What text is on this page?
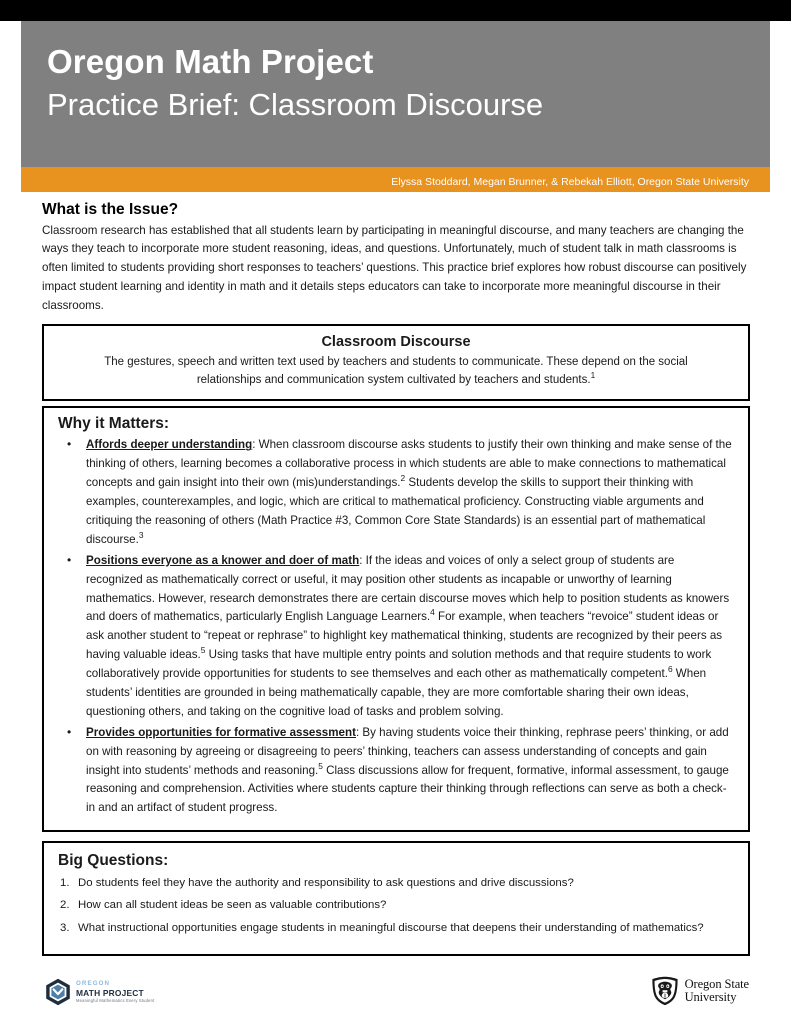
Oregon Math Project
Practice Brief: Classroom Discourse
Elyssa Stoddard, Megan Brunner, & Rebekah Elliott, Oregon State University
What is the Issue?

Classroom research has established that all students learn by participating in meaningful discourse, and many teachers are changing the ways they teach to incorporate more student reasoning, ideas, and questions. Unfortunately, much of student talk in math classrooms is often limited to students providing short responses to teachers’ questions. This practice brief explores how robust discourse can positively impact student learning and identity in math and it details steps educators can take to incorporate more meaningful discourse in their classrooms.

Classroom Discourse
The gestures, speech and written text used by teachers and students to communicate. These depend on the social relationships and communication system cultivated by teachers and students.$^1$
Why it Matters:
• Affords deeper understanding: When classroom discourse asks students to justify their own thinking and make sense of the thinking of others, learning becomes a collaborative process in which students are able to make connections to mathematical concepts and gain insight into their own (mis)understandings.$^2$ Students develop the skills to support their thinking with examples, counterexamples, and logic, which are critical to mathematical proficiency. Constructing viable arguments and critiquing the reasoning of others (Math Practice #3, Common Core State Standards) is an essential part of mathematical discourse.$^3$
• Positions everyone as a knower and doer of math: If the ideas and voices of only a select group of students are recognized as mathematically correct or useful, it may position other students as incapable or unworthy of learning mathematics. However, research demonstrates there are certain discourse moves which help to position students as knowers and doers of mathematics, particularly English Language Learners.$^4$ For example, when teachers “revoice” student ideas or ask another student to “repeat or rephrase” to highlight key mathematical thinking, students are recognized by their peers as having valuable ideas.$^5$ Using tasks that have multiple entry points and solution methods and that require students to work collaboratively provide opportunities for students to see themselves and each other as mathematically competent.$^6$ When students’ identities are grounded in being mathematically capable, they are more comfortable sharing their own ideas, questioning others, and taking on the cognitive load of tasks and problem solving.
• Provides opportunities for formative assessment: By having students voice their thinking, rephrase peers’ thinking, or add on with reasoning by agreeing or disagreeing to peers’ thinking, teachers can assess understanding of concepts and gain insight into students’ methods and reasoning.$^5$ Class discussions allow for frequent, formative, informal assessment, to gauge reasoning and comprehension. Activities where students capture their thinking through reflections can serve as both a check-in and an artifact of student progress.
Big Questions:
Do students feel they have the authority and responsibility to ask questions and drive discussions?
How can all student ideas be seen as valuable contributions?
What instructional opportunities engage students in meaningful discourse that deepens their understanding of mathematics?
OREGON
MATH PROJECT
Meaningful Mathematics Every Student
Oregon State
University
